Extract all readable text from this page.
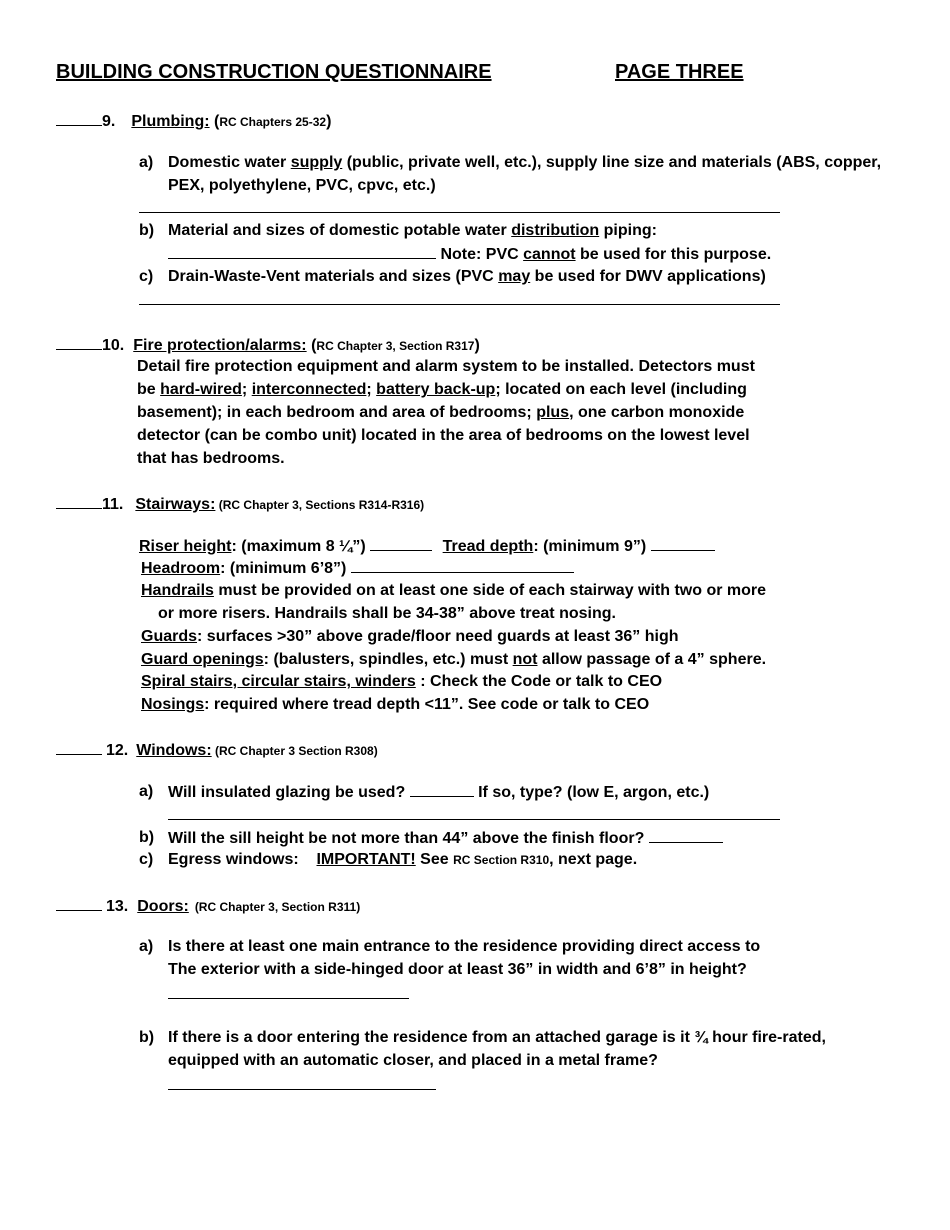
BUILDING CONSTRUCTION QUESTIONNAIRE	PAGE THREE
9. Plumbing: (RC Chapters 25-32)
a) Domestic water supply (public, private well, etc.), supply line size and materials (ABS, copper,
PEX, polyethylene, PVC, cpvc, etc.)
b) Material and sizes of domestic potable water distribution piping:
Note: PVC cannot be used for this purpose.
c) Drain-Waste-Vent materials and sizes (PVC may be used for DWV applications)
10. Fire protection/alarms: (RC Chapter 3, Section R317)
Detail fire protection equipment and alarm system to be installed. Detectors must
be hard-wired; interconnected; battery back-up; located on each level (including
basement); in each bedroom and area of bedrooms; plus, one carbon monoxide
detector (can be combo unit) located in the area of bedrooms on the lowest level
that has bedrooms.
11. Stairways: (RC Chapter 3, Sections R314-R316)
Riser height: (maximum 8 ¼”)	Tread depth: (minimum 9”)
Headroom: (minimum 6’8”)
Handrails must be provided on at least one side of each stairway with two or more
or more risers. Handrails shall be 34-38” above treat nosing.
Guards: surfaces >30” above grade/floor need guards at least 36” high
Guard openings: (balusters, spindles, etc.) must not allow passage of a 4” sphere.
Spiral stairs, circular stairs, winders : Check the Code or talk to CEO
Nosings: required where tread depth <11”. See code or talk to CEO
12. Windows: (RC Chapter 3 Section R308)
a) Will insulated glazing be used?	If so, type? (low E, argon, etc.)
b) Will the sill height be not more than 44” above the finish floor?
c) Egress windows:    IMPORTANT! See RC Section R310, next page.
13. Doors: (RC Chapter 3, Section R311)
a) Is there at least one main entrance to the residence providing direct access to
The exterior with a side-hinged door at least 36” in width and 6’8” in height?
b) If there is a door entering the residence from an attached garage is it ¾ hour fire-rated,
equipped with an automatic closer, and placed in a metal frame?
